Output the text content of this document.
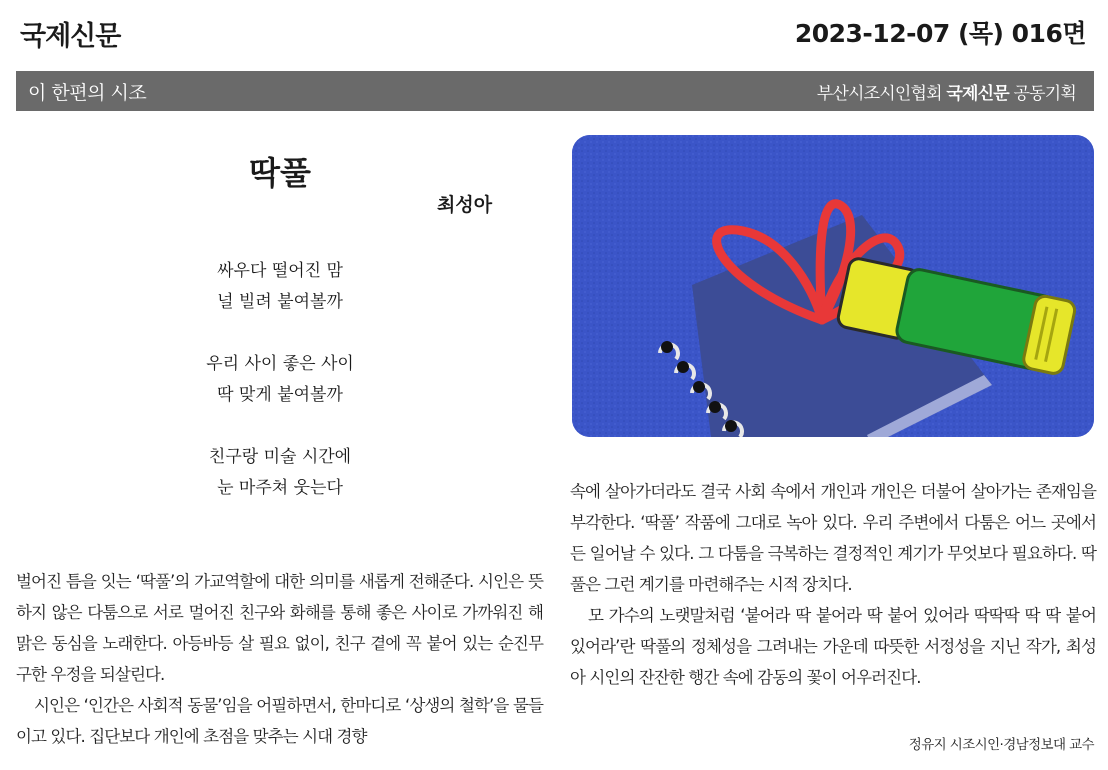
국제신문	2023-12-07 (목) 016면
이 한편의 시조	부산시조시인협회 국제신문 공동기획
딱풀
최성아
싸우다 떨어진 맘
널 빌려 붙여볼까
우리 사이 좋은 사이
딱 맞게 붙여볼까
친구랑 미술 시간에
눈 마주쳐 웃는다

벌어진 틈을 잇는 ‘딱풀’의 가교역할에 대한 의미를 새롭게 전해준다. 시인은 뜻하지 않은 다툼으로 서로 멀어진 친구와 화해를 통해 좋은 사이로 가까워진 해맑은 동심을 노래한다. 아등바등 살 필요 없이, 친구 곁에 꼭 붙어 있는 순진무구한 우정을 되살린다.

시인은 ‘인간은 사회적 동물’임을 어필하면서, 한마디로 ‘상생의 철학’을 물들이고 있다. 집단보다 개인에 초점을 맞추는 시대 경향

속에 살아가더라도 결국 사회 속에서 개인과 개인은 더불어 살아가는 존재임을 부각한다. ‘딱풀’ 작품에 그대로 녹아 있다. 우리 주변에서 다툼은 어느 곳에서든 일어날 수 있다. 그 다툼을 극복하는 결정적인 계기가 무엇보다 필요하다. 딱풀은 그런 계기를 마련해주는 시적 장치다.

모 가수의 노랫말처럼 ‘붙어라 딱 붙어라 딱 붙어 있어라 딱딱딱 딱 딱 붙어 있어라’란 딱풀의 정체성을 그려내는 가운데 따뜻한 서정성을 지닌 작가, 최성아 시인의 잔잔한 행간 속에 감동의 꽃이 어우러진다.

정유지 시조시인·경남정보대 교수
